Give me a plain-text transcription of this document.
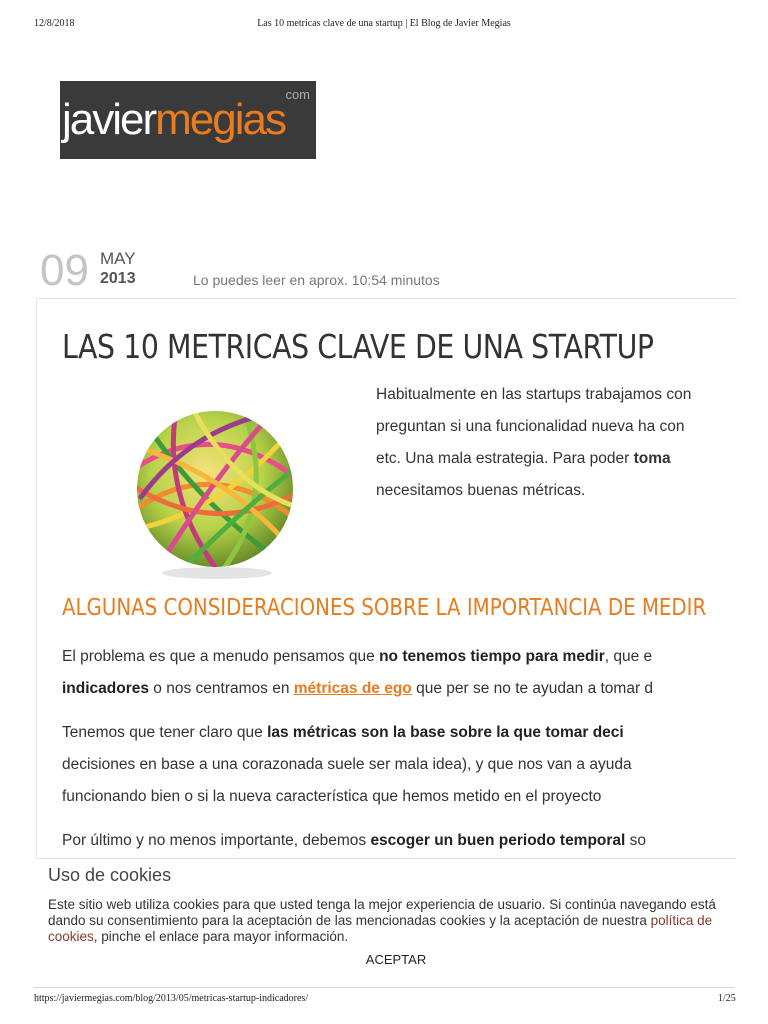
12/8/2018	Las 10 metricas clave de una startup | El Blog de Javier Megias
com
javiermegias
09 MAY
2013	Lo puedes leer en aprox. 10:54 minutos
LAS 10 METRICAS CLAVE DE UNA STARTUP

Habitualmente en las startups trabajamos con

preguntan si una funcionalidad nueva ha con

etc. Una mala estrategia. Para poder toma

necesitamos buenas métricas.

ALGUNAS CONSIDERACIONES SOBRE LA IMPORTANCIA DE MEDIR

El problema es que a menudo pensamos que no tenemos tiempo para medir, que e
indicadores o nos centramos en métricas de ego que per se no te ayudan a tomar d

Tenemos que tener claro que las métricas son la base sobre la que tomar deci
decisiones en base a una corazonada suele ser mala idea), y que nos van a ayuda
funcionando bien o si la nueva característica que hemos metido en el proyecto

Por último y no menos importante, debemos escoger un buen periodo temporal so

Uso de cookies
Este sitio web utiliza cookies para que usted tenga la mejor experiencia de usuario. Si continúa navegando está dando su consentimiento para la aceptación de las mencionadas cookies y la aceptación de nuestra política de cookies, pinche el enlace para mayor información.
ACEPTAR
https://javiermegias.com/blog/2013/05/metricas-startup-indicadores/	1/25
